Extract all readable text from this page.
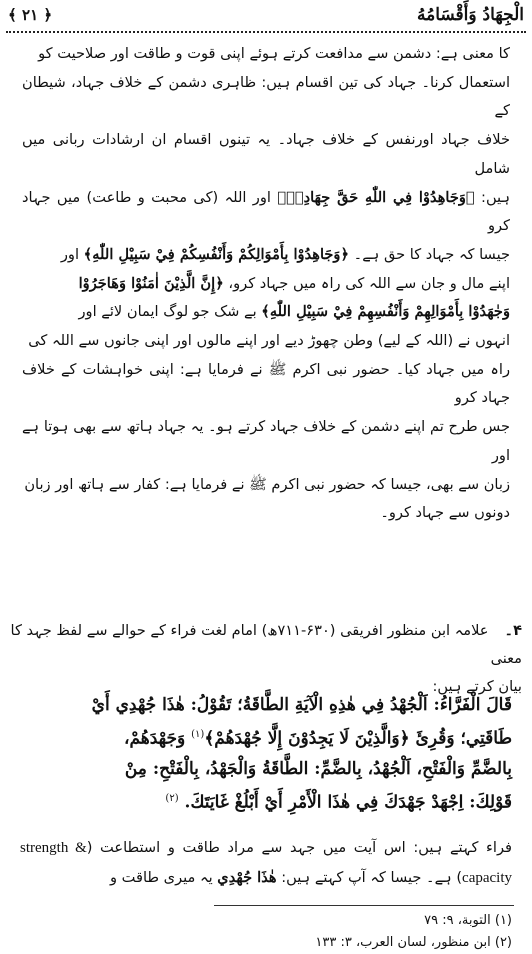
الْجِهَادُ وَأَقْسَامُهُ
﴿ ٢١ ﴾

کا معنی ہے: دشمن سے مدافعت کرتے ہوئے اپنی قوت و طاقت اور صلاحیت کو

استعمال کرنا۔ جہاد کی تین اقسام ہیں: ظاہری دشمن کے خلاف جہاد، شیطان کے

خلاف جہاد اورنفس کے خلاف جہاد۔ یہ تینوں اقسام ان ارشادات ربانی میں شامل

ہیں: ﴿وَجَاهِدُوْا فِي اللّٰهِ حَقَّ جِهَادِهٖ﴾ اور اللہ (کی محبت و طاعت) میں جہاد کرو

جیسا کہ جہاد کا حق ہے۔ ﴿وَجَاهِدُوْا بِأَمْوَالِكُمْ وَأَنْفُسِكُمْ فِيْ سَبِيْلِ اللّٰهِ﴾ اور

اپنے مال و جان سے اللہ کی راہ میں جہاد کرو، ﴿إِنَّ الَّذِيْنَ اٰمَنُوْا وَهَاجَرُوْا

وَجٰهَدُوْا بِأَمْوَالِهِمْ وَأَنْفُسِهِمْ فِيْ سَبِيْلِ اللّٰهِ﴾ بے شک جو لوگ ایمان لائے اور

انہوں نے (اللہ کے لیے) وطن چھوڑ دیے اور اپنے مالوں اور اپنی جانوں سے اللہ کی

راہ میں جہاد کیا۔ حضور نبی اکرم ﷺ نے فرمایا ہے: اپنی خواہشات کے خلاف جہاد کرو

جس طرح تم اپنے دشمن کے خلاف جہاد کرتے ہو۔ یہ جہاد ہاتھ سے بھی ہوتا ہے اور

زبان سے بھی، جیسا کہ حضور نبی اکرم ﷺ نے فرمایا ہے: کفار سے ہاتھ اور زبان

دونوں سے جہاد کرو۔

۴۔علامہ ابن منظور افریقی (۶۳۰-۷۱۱ھ) امام لغت فراء کے حوالے سے لفظ جہد کا معنی
بیان کرتے ہیں:
قَالَ الْفَرَّاءُ: اَلْجُهْدُ فِي هٰذِهِ الْآيَةِ الطَّاقَةُ؛ تَقُوْلُ: هٰذَا جُهْدِي أَيْ
طَاقَتِي؛ وَقُرِئَ ﴿وَالَّذِيْنَ لَا يَجِدُوْنَ إِلَّا جُهْدَهُمْ﴾$^{(۱)}$ وَجَهْدَهُمْ،
بِالضَّمِّ وَالْفَتْحِ، اَلْجُهْدُ، بِالضَّمِّ: الطَّاقَةُ وَالْجَهْدُ، بِالْفَتْحِ: مِنْ
قَوْلِكَ: اِجْهَدْ جَهْدَكَ فِي هٰذَا الْأَمْرِ أَيْ أَبْلُغْ غَايَتَكَ. $^{(۲)}$
فراء کہتے ہیں: اس آیت میں جہد سے مراد طاقت و استطاعت (strength & capacity) ہے۔ جیسا کہ آپ کہتے ہیں: هٰذَا جُهْدِي یہ میری طاقت و
(۱) التوبة، ۹: ۷۹
(۲) ابن منظور، لسان العرب، ۳: ۱۳۳
